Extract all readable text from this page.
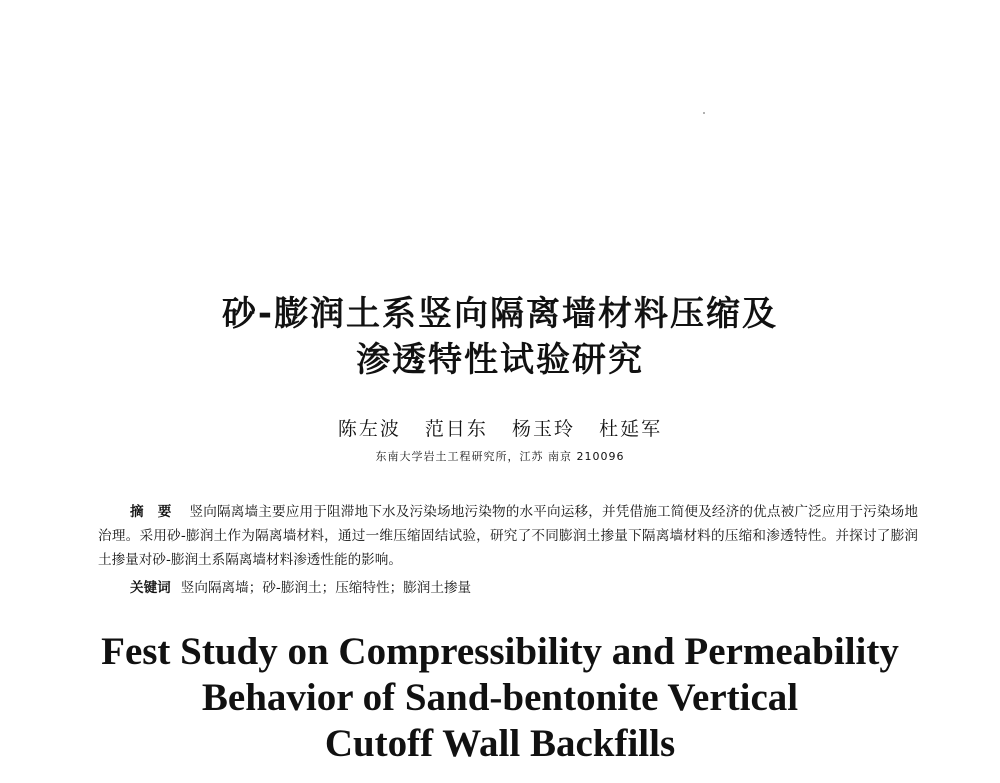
砂-膨润土系竖向隔离墙材料压缩及
渗透特性试验研究
陈左波   范日东   杨玉玲   杜延军
东南大学岩土工程研究所，江苏 南京 210096
摘要 竖向隔离墙主要应用于阻滞地下水及污染场地污染物的水平向运移，并凭借施工简便及经济的优点被广泛应用于污染场地治理。采用砂-膨润土作为隔离墙材料，通过一维压缩固结试验，研究了不同膨润土掺量下隔离墙材料的压缩和渗透特性。并探讨了膨润土掺量对砂-膨润土系隔离墙材料渗透性能的影响。
关键词 竖向隔离墙；砂-膨润土；压缩特性；膨润土掺量
Fest Study on Compressibility and Permeability
Behavior of Sand-bentonite Vertical
Cutoff Wall Backfills
